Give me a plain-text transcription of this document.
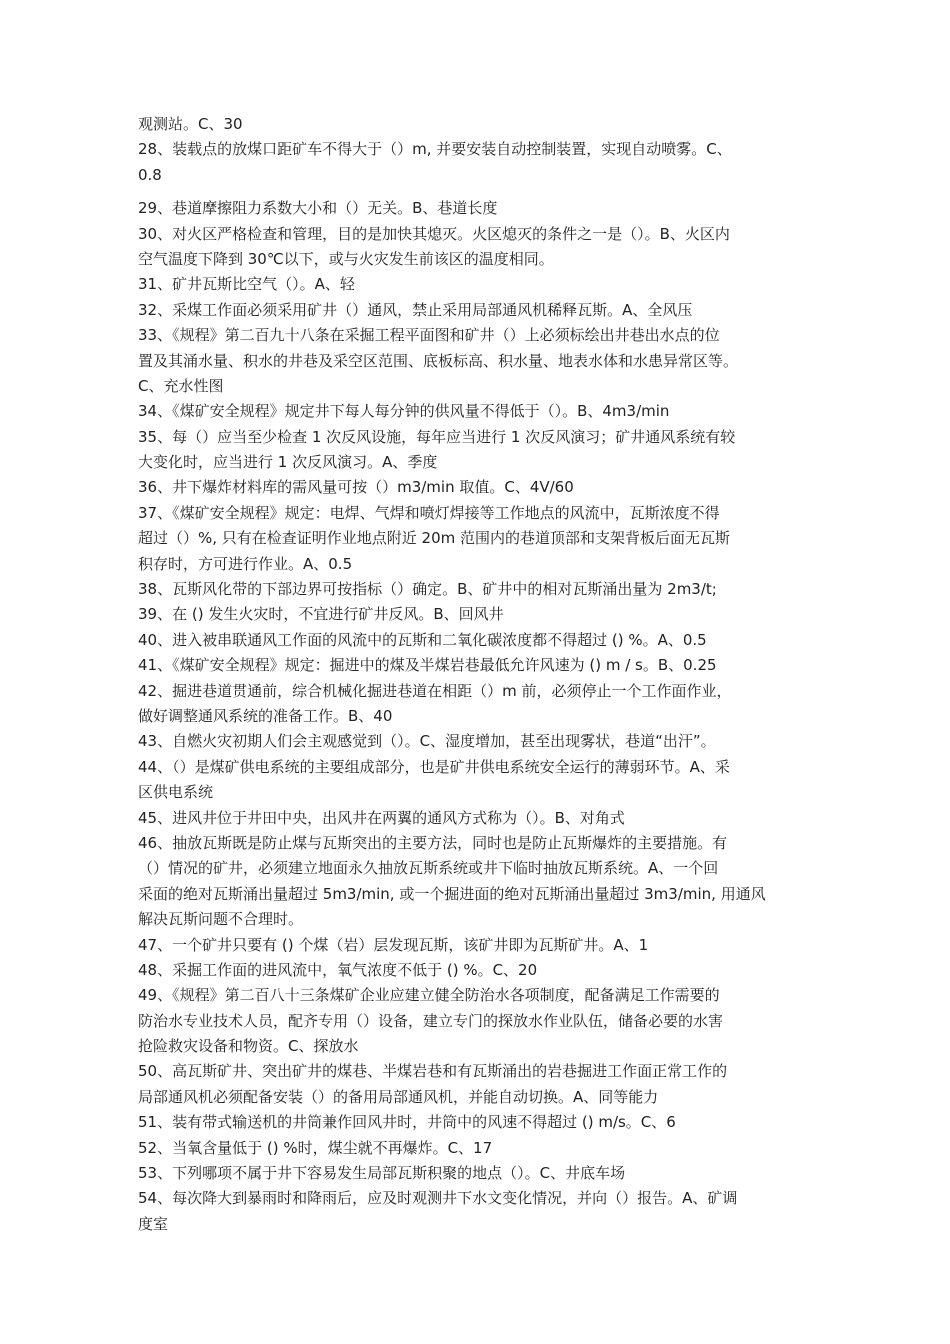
观测站。C、30
28、装载点的放煤口距矿车不得大于（）m, 并要安装自动控制装置，实现自动喷雾。C、
0.8
29、巷道摩擦阻力系数大小和（）无关。B、巷道长度
30、对火区严格检查和管理，目的是加快其熄灭。火区熄灭的条件之一是（）。B、火区内
空气温度下降到 30℃以下，或与火灾发生前该区的温度相同。
31、矿井瓦斯比空气（）。A、轻
32、采煤工作面必须采用矿井（）通风，禁止采用局部通风机稀释瓦斯。A、全风压
33、《规程》第二百九十八条在采掘工程平面图和矿井（）上必须标绘出井巷出水点的位
置及其涌水量、积水的井巷及采空区范围、底板标高、积水量、地表水体和水患异常区等。
C、充水性图
34、《煤矿安全规程》规定井下每人每分钟的供风量不得低于（）。B、4m3/min
35、每（）应当至少检查 1 次反风设施，每年应当进行 1 次反风演习；矿井通风系统有较
大变化时，应当进行 1 次反风演习。A、季度
36、井下爆炸材料库的需风量可按（）m3/min 取值。C、4V/60
37、《煤矿安全规程》规定：电焊、气焊和喷灯焊接等工作地点的风流中，瓦斯浓度不得
超过（）%, 只有在检查证明作业地点附近 20m 范围内的巷道顶部和支架背板后面无瓦斯
积存时，方可进行作业。A、0.5
38、瓦斯风化带的下部边界可按指标（）确定。B、矿井中的相对瓦斯涌出量为 2m3/t;
39、在 () 发生火灾时，不宜进行矿井反风。B、回风井
40、进入被串联通风工作面的风流中的瓦斯和二氧化碳浓度都不得超过 () %。A、0.5
41、《煤矿安全规程》规定：掘进中的煤及半煤岩巷最低允许风速为 () m / s。B、0.25
42、掘进巷道贯通前，综合机械化掘进巷道在相距（）m 前，必须停止一个工作面作业，
做好调整通风系统的准备工作。B、40
43、自燃火灾初期人们会主观感觉到（）。C、湿度增加，甚至出现雾状，巷道“出汗”。
44、（）是煤矿供电系统的主要组成部分，也是矿井供电系统安全运行的薄弱环节。A、采
区供电系统
45、进风井位于井田中央，出风井在两翼的通风方式称为（）。B、对角式
46、抽放瓦斯既是防止煤与瓦斯突出的主要方法，同时也是防止瓦斯爆炸的主要措施。有
（）情况的矿井，必须建立地面永久抽放瓦斯系统或井下临时抽放瓦斯系统。A、一个回
采面的绝对瓦斯涌出量超过 5m3/min, 或一个掘进面的绝对瓦斯涌出量超过 3m3/min, 用通风
解决瓦斯问题不合理时。
47、一个矿井只要有 () 个煤（岩）层发现瓦斯，该矿井即为瓦斯矿井。A、1
48、采掘工作面的进风流中，氧气浓度不低于 () %。C、20
49、《规程》第二百八十三条煤矿企业应建立健全防治水各项制度，配备满足工作需要的
防治水专业技术人员，配齐专用（）设备，建立专门的探放水作业队伍，储备必要的水害
抢险救灾设备和物资。C、探放水
50、高瓦斯矿井、突出矿井的煤巷、半煤岩巷和有瓦斯涌出的岩巷掘进工作面正常工作的
局部通风机必须配备安装（）的备用局部通风机，并能自动切换。A、同等能力
51、装有带式输送机的井筒兼作回风井时，井筒中的风速不得超过 () m/s。C、6
52、当氧含量低于 () %时，煤尘就不再爆炸。C、17
53、下列哪项不属于井下容易发生局部瓦斯积聚的地点（）。C、井底车场
54、每次降大到暴雨时和降雨后，应及时观测井下水文变化情况，并向（）报告。A、矿调
度室
